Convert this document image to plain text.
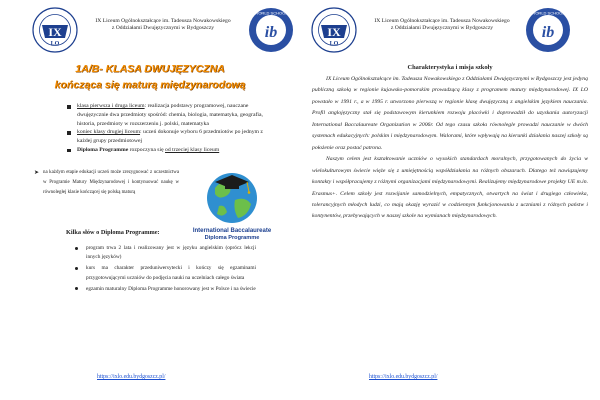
IX
LO
IX Liceum Ogólnokształcące im. Tadeusza Nowakowskiego
z Oddziałami Dwujęzycznymi w Bydgoszczy	ib
WORLD SCHOOL
1A/B- KLASA DWUJĘZYCZNA
kończąca się maturą międzynarodową
klasa pierwsza i druga liceum: realizacja podstawy programowej, nauczane dwujęzycznie dwa przedmioty spośród: chemia, biologia, matematyka, geografia, historia, przedmioty w rozszerzeniu j. polski, matematyka
koniec klasy drugiej liceum: uczeń dokonuje wyboru 6 przedmiotów po jednym z każdej grupy przedmiotowej
Diploma Programme rozpoczyna się od trzeciej klasy liceum
➤ na każdym etapie edukacji uczeń może zrezygnować z uczestnictwa w Programie Matury Międzynarodowej i kontynuować naukę w równoległej klasie kończącej się polską maturą
International Baccalaureate
Diploma Programme
Kilka słów o Diploma Programme:
program trwa 2 lata i realizowany jest w języku angielskim (oprócz lekcji innych języków)
kurs ma charakter przeduniwersytecki i kończy się egzaminami przygotowującymi uczniów do podjęcia nauki na uczelniach całego świata
egzamin maturalny Diploma Programme honorowany jest w Polsce i na świecie
https://ixlo.edu.bydgoszcz.pl/
Charakterystyka i misja szkoły

IX Liceum Ogólnokształcące im. Tadeusza Nowakowskiego z Oddziałami Dwujęzycznymi w Bydgoszczy jest jedyną publiczną szkołą w regionie kujawsko-pomorskim prowadzącą klasy z programem matury międzynarodowej. IX LO powstało w 1991 r., a w 1995 r. utworzono pierwszą w regionie klasę dwujęzyczną z angielskim językiem nauczania. Profil anglojęzyczny stał się podstawowym kierunkiem rozwoju placówki i doprowadził do uzyskania autoryzacji International Baccalaureate Organization w 2006r. Od tego czasu szkoła równolegle prowadzi nauczanie w dwóch systemach edukacyjnych: polskim i międzynarodowym. Walorami, które wpływają na kierunki działania naszej szkoły są położenie oraz postać patrona.

Naszym celem jest kształtowanie uczniów o wysokich standardach moralnych, przygotowanych do życia w wielokulturowym świecie więże się z umiejętnością współdziałania na różnych obszarach. Dlatego też nawiązujemy kontakty i współpracujemy z różnymi organizacjami międzynarodowymi. Realizujemy międzynarodowe projekty UE m.in. Erasmus+. Celem szkoły jest rozwijanie samodzielnych, empatycznych, otwartych na świat i drugiego człowieka, tolerancyjnych młodych ludzi, co mają okazję wyrazić w codziennym funkcjonowaniu z uczniami z różnych państw i kontynentów, przebywających w naszej szkole na wymianach międzynarodowych.

IX
LO
IX Liceum Ogólnokształcące im. Tadeusza Nowakowskiego
z Oddziałami Dwujęzycznymi w Bydgoszczy	ib
WORLD SCHOOL
https://ixlo.edu.bydgoszcz.pl/
